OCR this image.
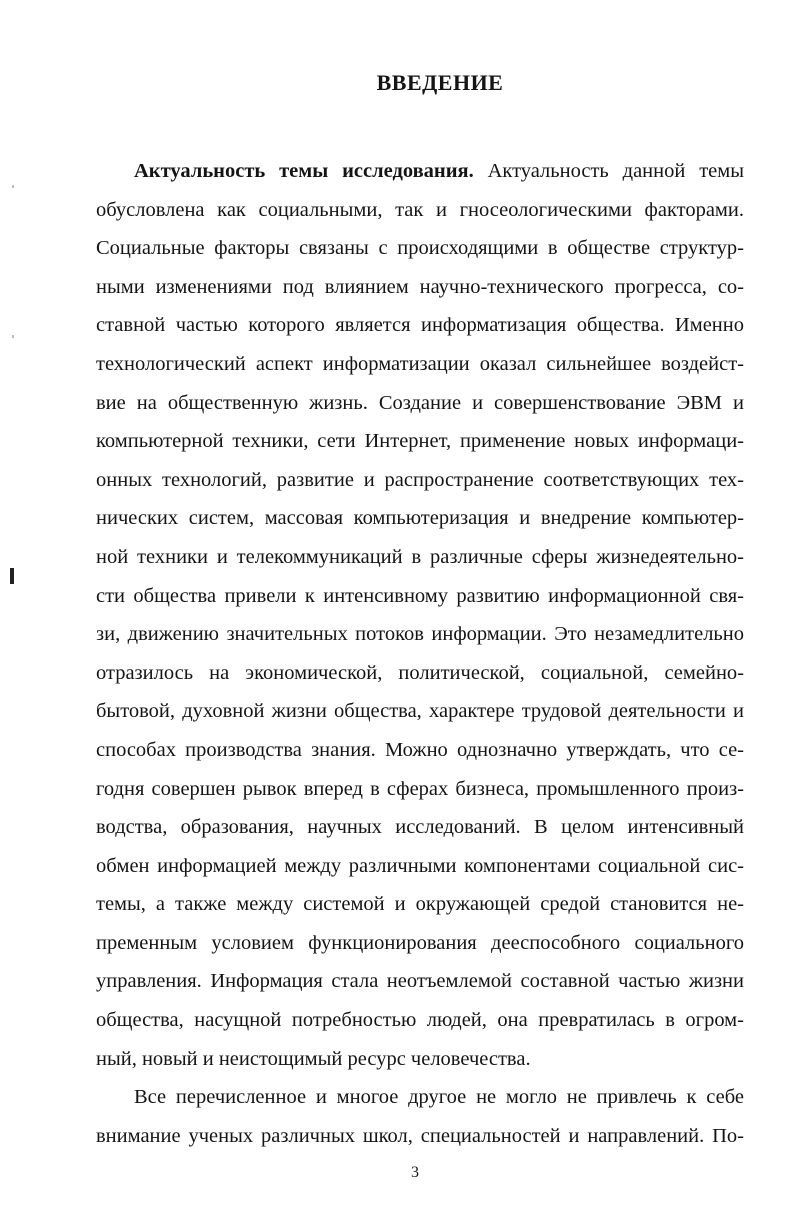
ВВЕДЕНИЕ
Актуальность темы исследования. Актуальность данной темы
обусловлена как социальными, так и гносеологическими факторами.
Социальные факторы связаны с происходящими в обществе структур-
ными изменениями под влиянием научно-технического прогресса, со-
ставной частью которого является информатизация общества. Именно
технологический аспект информатизации оказал сильнейшее воздейст-
вие на общественную жизнь. Создание и совершенствование ЭВМ и
компьютерной техники, сети Интернет, применение новых информаци-
онных технологий, развитие и распространение соответствующих тех-
нических систем, массовая компьютеризация и внедрение компьютер-
ной техники и телекоммуникаций в различные сферы жизнедеятельно-
сти общества привели к интенсивному развитию информационной свя-
зи, движению значительных потоков информации. Это незамедлительно
отразилось на экономической, политической, социальной, семейно-
бытовой, духовной жизни общества, характере трудовой деятельности и
способах производства знания. Можно однозначно утверждать, что се-
годня совершен рывок вперед в сферах бизнеса, промышленного произ-
водства, образования, научных исследований. В целом интенсивный
обмен информацией между различными компонентами социальной сис-
темы, а также между системой и окружающей средой становится не-
пременным условием функционирования дееспособного социального
управления. Информация стала неотъемлемой составной частью жизни
общества, насущной потребностью людей, она превратилась в огром-
ный, новый и неистощимый ресурс человечества.
Все перечисленное и многое другое не могло не привлечь к себе
внимание ученых различных школ, специальностей и направлений. По-
3
